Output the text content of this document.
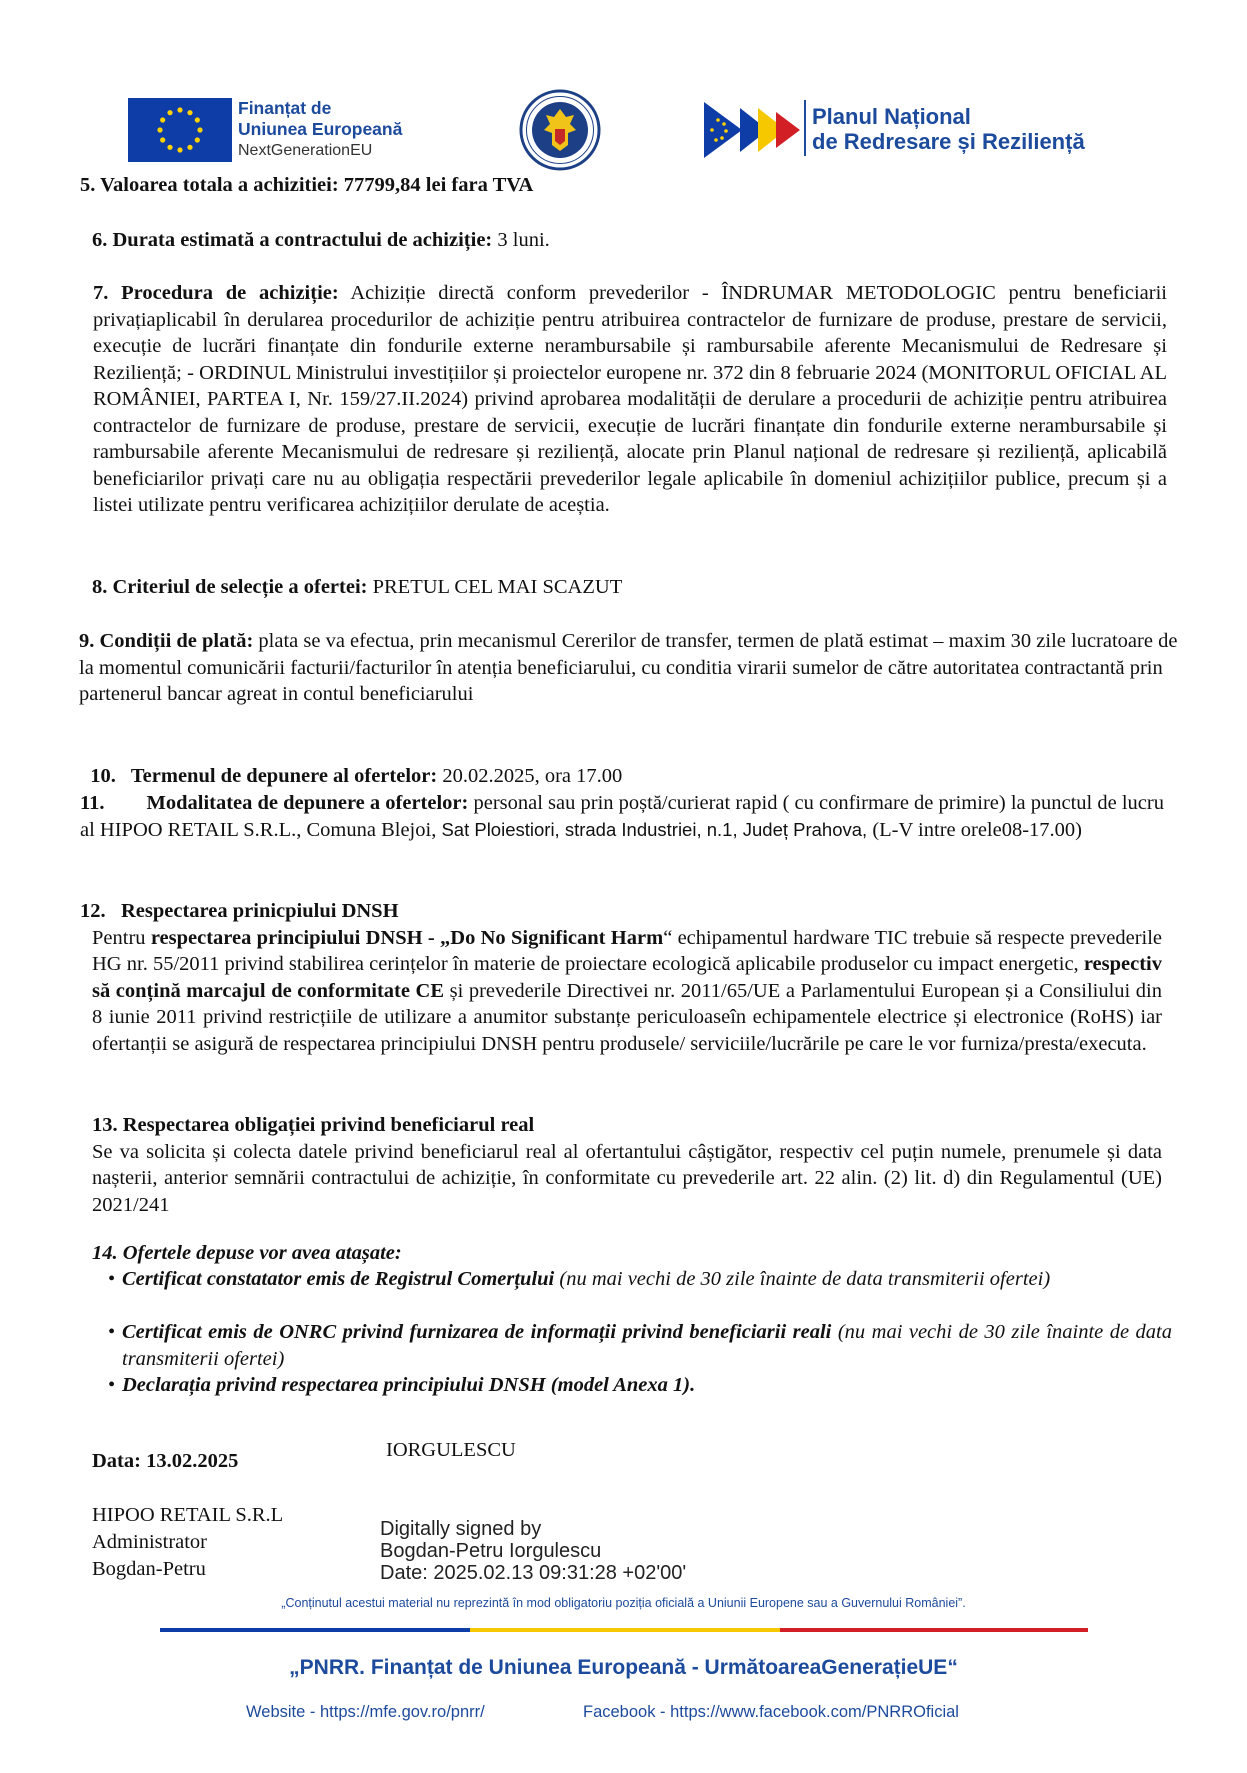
Finanțat de
Uniunea Europeană
NextGenerationEU
Planul Național
de Redresare și Reziliență
5. Valoarea totala a achizitiei: 77799,84 lei fara TVA
6. Durata estimată a contractului de achiziție: 3 luni.
7. Procedura de achiziție: Achiziție directă conform prevederilor - ÎNDRUMAR METODOLOGIC pentru beneficiarii privațiaplicabil în derularea procedurilor de achiziție pentru atribuirea contractelor de furnizare de produse, prestare de servicii, execuție de lucrări finanțate din fondurile externe nerambursabile și rambursabile aferente Mecanismului de Redresare și Reziliență; - ORDINUL Ministrului investițiilor și proiectelor europene nr. 372 din 8 februarie 2024 (MONITORUL OFICIAL AL ROMÂNIEI, PARTEA I, Nr. 159/27.II.2024) privind aprobarea modalității de derulare a procedurii de achiziție pentru atribuirea contractelor de furnizare de produse, prestare de servicii, execuție de lucrări finanțate din fondurile externe nerambursabile și rambursabile aferente Mecanismului de redresare și reziliență, alocate prin Planul național de redresare și reziliență, aplicabilă beneficiarilor privați care nu au obligația respectării prevederilor legale aplicabile în domeniul achizițiilor publice, precum și a listei utilizate pentru verificarea achizițiilor derulate de aceștia.
8. Criteriul de selecție a ofertei: PRETUL CEL MAI SCAZUT
9. Condiții de plată: plata se va efectua, prin mecanismul Cererilor de transfer, termen de plată estimat – maxim 30 zile lucratoare de la momentul comunicării facturii/facturilor în atenția beneficiarului, cu conditia virarii sumelor de către autoritatea contractantă prin partenerul bancar agreat in contul beneficiarului

10.   Termenul de depunere al ofertelor: 20.02.2025, ora 17.00

11. Modalitatea de depunere a ofertelor: personal sau prin poștă/curierat rapid ( cu confirmare de primire) la punctul de lucru al HIPOO RETAIL S.R.L., Comuna Blejoi, Sat Ploiestiori, strada Industriei, n.1, Județ Prahova, (L-V intre orele08-17.00)
12.   Respectarea prinicpiului DNSH
Pentru respectarea principiului DNSH - „Do No Significant Harm“ echipamentul hardware TIC trebuie să respecte prevederile HG nr. 55/2011 privind stabilirea cerințelor în materie de proiectare ecologică aplicabile produselor cu impact energetic, respectiv să conțină marcajul de conformitate CE și prevederile Directivei nr. 2011/65/UE a Parlamentului European și a Consiliului din 8 iunie 2011 privind restricțiile de utilizare a anumitor substanțe periculoaseîn echipamentele electrice și electronice (RoHS) iar ofertanții se asigură de respectarea principiului DNSH pentru produsele/ serviciile/lucrările pe care le vor furniza/presta/executa.
13. Respectarea obligației privind beneficiarul real
Se va solicita și colecta datele privind beneficiarul real al ofertantului câștigător, respectiv cel puțin numele, prenumele și data nașterii, anterior semnării contractului de achiziție, în conformitate cu prevederile art. 22 alin. (2) lit. d) din Regulamentul (UE) 2021/241
14. Ofertele depuse vor avea atașate:
• Certificat constatator emis de Registrul Comerțului (nu mai vechi de 30 zile înainte de data transmiterii ofertei)
• Certificat emis de ONRC privind furnizarea de informații privind beneficiarii reali (nu mai vechi de 30 zile înainte de data transmiterii ofertei)
• Declarația privind respectarea principiului DNSH (model Anexa 1).
Data: 13.02.2025	IORGULESCU
HIPOO RETAIL S.R.L
Administrator
Bogdan-Petru
Digitally signed by
Bogdan-Petru Iorgulescu
Date: 2025.02.13 09:31:28 +02'00'
„Conținutul acestui material nu reprezintă în mod obligatoriu poziția oficială a Uniunii Europene sau a Guvernului României”.
„PNRR. Finanțat de Uniunea Europeană - UrmătoareaGenerațieUE“
Website - https://mfe.gov.ro/pnrr/	Facebook - https://www.facebook.com/PNRROficial
